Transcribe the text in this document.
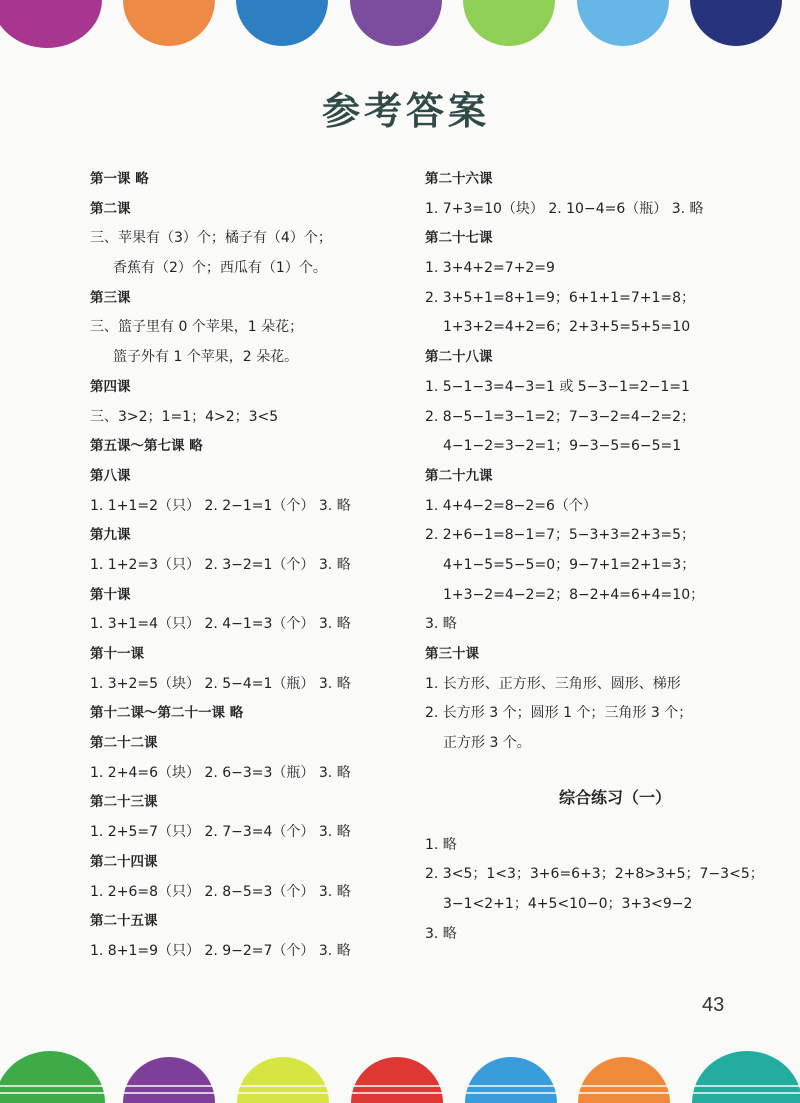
参考答案
第一课 略
第二课
三、苹果有（3）个；橘子有（4）个；
香蕉有（2）个；西瓜有（1）个。
第三课
三、篮子里有 0 个苹果，1 朵花；
篮子外有 1 个苹果，2 朵花。
第四课
三、3>2；1=1；4>2；3<5
第五课～第七课 略
第八课
1. 1+1=2（只） 2. 2−1=1（个） 3. 略
第九课
1. 1+2=3（只） 2. 3−2=1（个） 3. 略
第十课
1. 3+1=4（只） 2. 4−1=3（个） 3. 略
第十一课
1. 3+2=5（块） 2. 5−4=1（瓶） 3. 略
第十二课～第二十一课 略
第二十二课
1. 2+4=6（块） 2. 6−3=3（瓶） 3. 略
第二十三课
1. 2+5=7（只） 2. 7−3=4（个） 3. 略
第二十四课
1. 2+6=8（只） 2. 8−5=3（个） 3. 略
第二十五课
1. 8+1=9（只） 2. 9−2=7（个） 3. 略
第二十六课
1. 7+3=10（块） 2. 10−4=6（瓶） 3. 略
第二十七课
1. 3+4+2=7+2=9
2. 3+5+1=8+1=9；6+1+1=7+1=8；
1+3+2=4+2=6；2+3+5=5+5=10
第二十八课
1. 5−1−3=4−3=1 或 5−3−1=2−1=1
2. 8−5−1=3−1=2；7−3−2=4−2=2；
4−1−2=3−2=1；9−3−5=6−5=1
第二十九课
1. 4+4−2=8−2=6（个）
2. 2+6−1=8−1=7；5−3+3=2+3=5；
4+1−5=5−5=0；9−7+1=2+1=3；
1+3−2=4−2=2；8−2+4=6+4=10；
3. 略
第三十课
1. 长方形、正方形、三角形、圆形、梯形
2. 长方形 3 个；圆形 1 个；三角形 3 个；
正方形 3 个。
综合练习（一）
1. 略
2. 3<5；1<3；3+6=6+3；2+8>3+5；7−3<5；
3−1<2+1；4+5<10−0；3+3<9−2
3. 略
43
